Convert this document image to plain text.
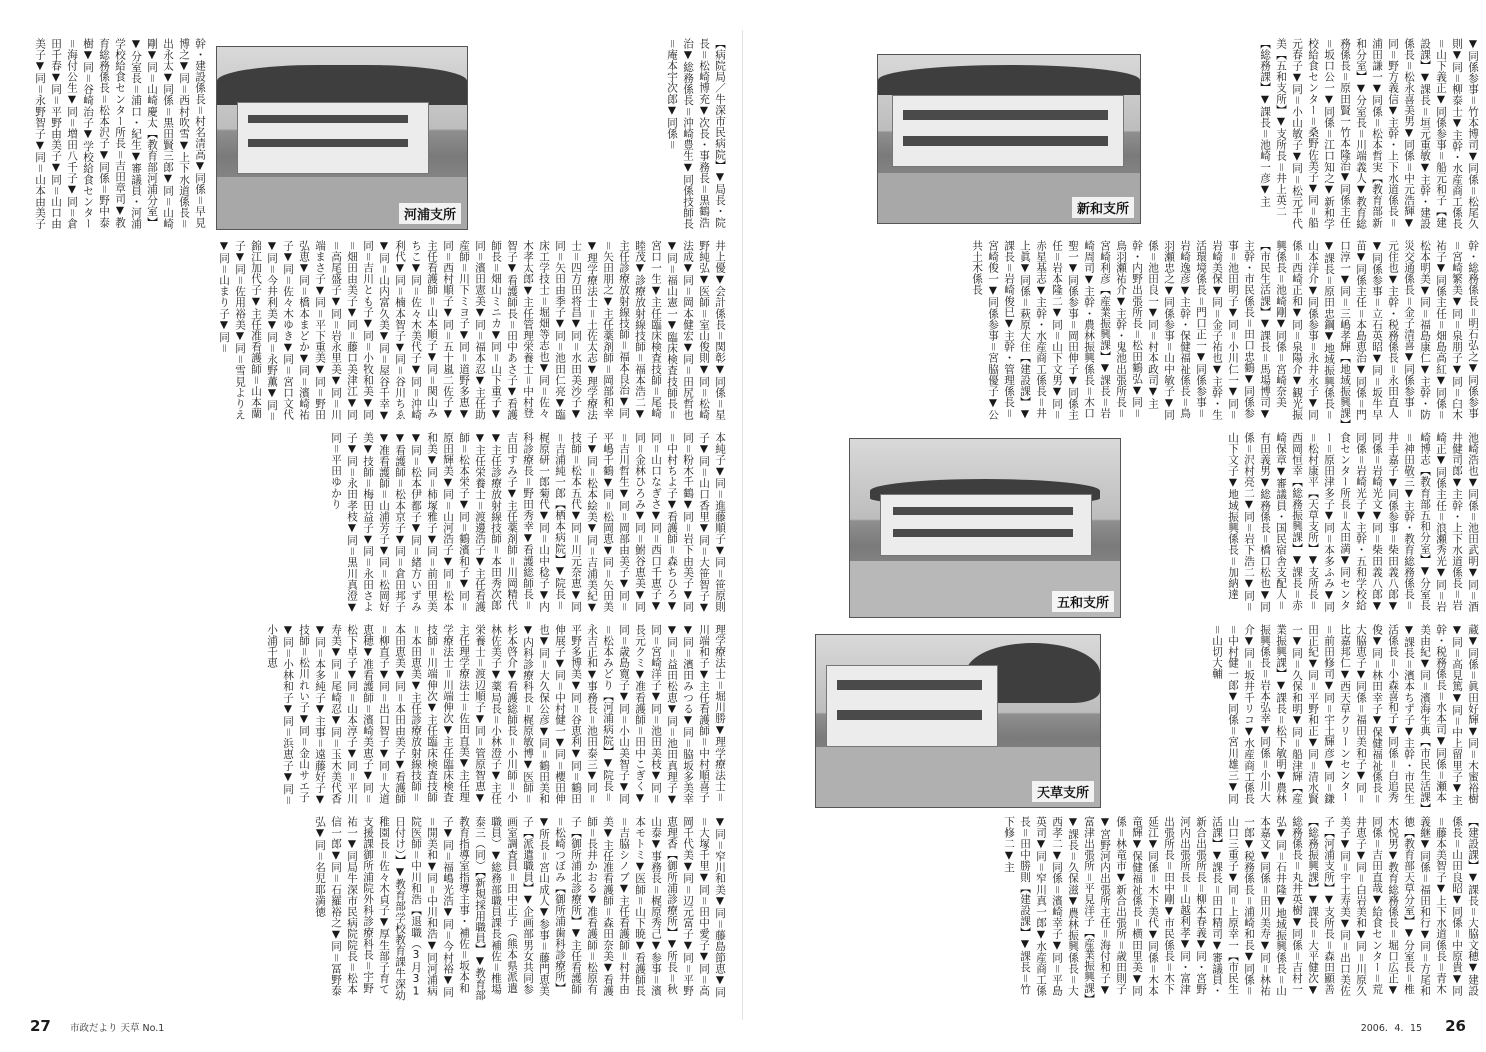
【病院局／牛深市民病院】▼局長・院長＝松崎博充▼次長・事務長＝黒鶴浩治▼総務係長＝沖崎豊生▼同係技師長＝庵本宇次郎▼同係＝
河浦支所
幹・建設係長＝村名清高▼同係＝早見博之▼同＝西村吹雪▼上下水道係長＝出永太▼同係＝黒田賢三郎▼同＝山崎剛▼同＝山崎慶太【教育部河浦分室】▼分室長＝浦口・紀生▼審議員・河浦学校給食センター所長＝吉田章司▼教育総務係長＝松本沢子▼同係＝野中泰樹▼同＝谷崎治子▼学校給食センター＝海付公生▼同＝増田八千子▼同＝倉田千春▼同＝平野由美子▼同＝山口由美子▼同＝永野智子▼同＝山本由美子
井上優▼会計係長＝関彰▼同係＝星野純弘▼医師＝室山俊則▼同＝松崎法成▼同＝岡本健宏▼同＝田尻哲也▼同＝福山憲一▼臨床検査技師長＝宮口一生▼主任臨床検査技師＝尾崎睦茂▼診療放射線技師＝福本浩二▼主任診療放射線技師＝福本良治▼同＝矢田朋之▼主任薬剤師＝岡部和幸▼理学療法士＝土佐太志▼理学療法士＝四方田将昌▼同＝水田美沙子▼同＝矢田由季子▼同＝池田仁亮▼臨床工学技士＝堀畑等志也▼同＝佐々木孝太郎▼主任管理栄養士＝中村登智子▼看護師長＝田中あさ子▼看護師長＝畑山ミニカ▼同＝山下重子▼同＝濱田憲美▼同＝福本忍▼主任助産師＝川下ミヨ子▼同＝道野多恵▼同＝西村順子▼同＝五十嵐二佐子▼主任看護師＝山本順子▼同＝関山みちこ▼同＝佐々木美代子▼同＝沖崎利代▼同＝楠本智子▼同＝谷川ちゑ▼同＝山内富久美▼同＝屋谷千幸▼同＝吉川とも子▼同＝小牧和美▼同＝畑田由美子▼同＝藤口美津江▼同＝高尾盛子▼同＝岩永里美▼同＝川端まさ子▼同＝平下重美▼同＝野田弘恵▼同＝橋本まどか▼同＝濱崎祐子▼同＝佐々木ゆき▼同＝宮口文代▼同＝今井利美▼同＝永野薫▼同＝錦江加代子▼主任准看護師＝山本蘭子▼同＝佐用裕美▼同＝雪見よりえ▼同＝山まり子▼同＝
本純子▼同＝進藤順子▼同＝笹原則子▼同＝山口香里▼同＝大笹智子▼同＝粉木千鶴▼同＝岩下由美子▼同＝中村ちよ子▼看護師＝森ちひろ▼同＝山口なぎさ▼同＝西口千恵子▼同＝金林ひろみ▼同＝鮒谷恵美▼同＝吉川哲生▼同＝岡部由美子▼同＝平嶋千鶴▼同＝松岡恵▼同＝矢田美子▼同＝松本絵美▼同＝吉浦美紀▼技師＝松本五代▼同＝川元奈恵▼同＝吉浦純一郎【栖本病院】▼院長＝梶原研一郎菊代▼同＝山中稔子▼内科診療長＝野田秀幸▼看護総師長＝吉田すみ子▼主任薬剤師＝川岡精代▼主任診療放射線技師＝本田秀次郎▼主任栄養士＝渡邊浩子▼主任看護師＝松本栄子▼同＝鶴濱和子▼同＝原田輝美▼同＝山河浩子▼同＝松本和美▼同＝柿塚雅子▼同＝前田里美▼同＝松本伊都子▼同＝緒方いずみ▼看護師＝松本京子▼同＝倉田邦子▼准看護師＝山浦芳子▼同＝松岡好美▼技師＝梅田益子▼同＝永田さよ子▼同＝永田孝枝▼同＝黒川真澄▼同＝平田ゆかり
理学療法士＝堀川勝▼理学療法士＝川端和子▼主任看護師＝中村順喜子▼同＝濱田みつる▼同＝脇坂多美幸▼同＝益田松恵▼同＝池田真理子▼同＝宮崎洋子▼同＝池田美枝▼同＝長元クミ▼准看護師＝田中こぎく▼同＝歳島寛子▼同＝小山美智子▼同＝松本みどり【河浦病院】▼院長＝永吉正和▼事務長＝池田泰三▼同＝平野多博美▼同＝谷恵利▼同＝鶴田伸展子▼同＝中村健一▼同＝櫻田伸也▼同＝大久保公彦▼同＝鶴田美和▼内科診療科長＝梶原敏博▼医師＝杉本啓介▼看護総師長＝小川師＝小林佐美子▼薬局長＝小林澄子▼主任栄養士＝渡辺順子▼同＝管原智恵▼主任理学療法士＝佐田直美▼主任理学療法士＝川端伸次▼主任臨床検査技師＝川端伸次▼主任臨床検査技師＝本田恵美▼主任診療放射線技師＝本田恵美▼同＝本田由美子▼看護師＝柳直子▼同＝出口智子▼同＝大道恵穂▼准看護師＝濱崎美恵子▼同＝松下卓子▼同＝山本淳子▼同＝平川寿美▼同＝尾崎忍▼同＝玉木美代香▼同＝本多純子▼主事＝遠藤好子▼技師＝松川れい子▼同＝金山サエ子▼同＝小林和子▼同＝浜恵子▼同＝小浦千恵
▼同＝窄川和美▼同＝藤島節恵▼同＝大塚千里▼同＝田中愛子▼同＝高岡千代美▼同＝辺元富子▼同＝平野恵理香【御所浦診療所】▼所長＝秋山泰▼事務長＝梶原秀己▼参事＝濱本モトミ▼医師＝山下暁▼看護師長＝吉脇シノブ▼主任看護師＝村井由美▼主任准看護師＝森田奈美▼看護師＝長井かおる▼准看護師＝松原有子【御所浦北診療所】▼主任看護師＝松崎つぼみ【御所浦歯科診療所】▼所長＝宮山成人▼参事＝藤門恵美子【派遣職員】▼企画部男女共同参画室調査員＝田中正子（熊本県派遣職員）▼総務部職員課長補佐＝椎場泰三（同）【新規採用職員】▼教育部教育指導室指導主事・補佐＝坂本和子▼同＝福嶋光浩▼同＝今村裕▼同＝開美和▼同＝中川和浩▼同河浦病院医師＝中川和浩【退職（3月31日付け）】▼教育部学校教育課牛深幼稚園長＝佐々木貞子▼厚生部子育て支援課御所浦院外科診療科長＝宇野祐一▼同局牛深市民病院院長＝松本信一郎▼同＝石羅裕之▼同＝冨野泰弘▼同＝名児耶満徳
27 市政だより 天草 No.1
▼同係参事＝竹本博司▼同係＝松尾久則▼同＝柳泰士▼主幹・水産商工係長＝山下義正▼同係参事＝船元和子【建設課】▼課長＝垣元重敏▼主幹・建設係長＝松永喜美男▼同係＝中元浩輝▼同＝野方義信▼主幹・上下水道係長＝浦田謙一▼同係＝松本哲実【教育部新和分室】▼分室長＝川端義人▼教育総務係長＝原田賢一竹本隆治▼同係主任＝坂口公一▼同係＝江口知之▼新和学校給食センター＝桑野佐美子▼同＝船元春子▼同＝小山敏子▼同＝松元千代美【五和支所】▼支所長＝井上英二【総務課】▼課長＝池崎一彦▼主
新和支所
幹・総務係長＝明石弘之▼同係参事＝宮崎繁美▼同＝泉朋子▼同＝臼木祐子▼同係主任＝畑島高紅▼同係＝松本明美▼同＝福島康仁▼主幹・防災交通係長＝金子清喜▼同係参事＝元住也▼主幹・税務係長＝永田直人▼同係参事＝立石英昭▼同＝坂牛早苗▼同係主任＝本島恵治▼同係＝門口淳一▼同＝三嶋孝輝【地域振興課】▼課長＝原田忠鋼▼地域振興係長＝山本洋介▼同係参事＝永井永子▼同係＝西崎正和▼同＝泉陽介▼観光振興係長＝池崎剛▼同係＝宮崎奈美【市民生活課】▼課長＝馬場博司▼主幹・市民係長＝田口忠鶴▼同係参事＝池田明子▼同＝小川仁一▼同＝岩崎美保▼同＝金子祐也▼主幹・生活環境係長＝門口正一▼同係参事＝岩崎逸彦▼主幹・保健福祉係長＝鳥羽瀬忠之▼同係参事＝山中敏子▼同係＝池田良一▼同＝村本政司▼主幹・内野出張所長＝松田鶴弘▼同＝鳥羽瀬祐介▼主幹・鬼池出張所長＝宮崎利彦【産業振興課】▼課長＝岩崎周司▼主幹・農林振興係長＝木口聖一▼同係参事＝岡田伸子▼同係主任＝岩本隆二▼同＝山下文男▼同＝赤星基志▼主幹・水産商工係長＝井上眞▼同係＝萩原大住【建設課】▼課長＝岩崎俊巳▼主幹・管理係長＝宮崎俊一▼同係参事＝宮脇優子▼公共土木係長
池崎浩也▼同係＝池田武明▼同＝酒井健司郎▼主幹・上下水道係長＝岩崎正▼同係主任＝浪瀬秀光▼同＝岩崎博志【教育部五和分室】▼分室長＝神田敬三▼主幹・教育総務係長＝井手嘉子▼同係参事＝柴田義八郎▼同係＝岩崎光文▼同＝柴田義八郎▼同係＝岩崎光子▼主幹・五和学校給食センター所長＝太田満▼同センター＝原田津多子▼同＝本多ふみ▼同＝松村康平【天草支所】▼支所長＝西岡恒幸【総務振興課】▼課長＝赤崎保章▼審議員・国民宿舎支配人＝有田義男▼総務係長＝橋口松也▼同係＝沢村亮二▼同＝岩下浩二▼同＝山下文子▼地域振興係長＝加納達
五和支所
蔵▼同係＝眞田好輝▼同＝木蜜裕樹▼同＝高見篤▼同＝中上留里子▼主幹・税務係長＝水本司▼同係＝瀬本美由紀▼同＝濱海生典【市民生活課】▼課長＝濱本ちず子▼主幹・市民生活係長＝小森喜和子▼同係＝白追秀俊▼同＝林田幸子▼保健福祉係長＝大脇恵子▼同係＝福田美和子▼同＝比嘉邦仁▼西天草クリーンセンター＝前田修司▼同＝宇土輝彦▼同＝鎌田正紀▼同＝平野和正▼同＝清水賢一▼同＝久保和明▼同＝船津輝【産業振興課】▼課長＝松下敏明▼農林振興係長＝岩本弘幸▼同係＝小川大介▼同＝坂井千リコ▼水産商工係長＝中村健一郎▼同係＝宮川雄三▼同＝山切大輔
天草支所
【建設課】▼課長＝大脇文穂▼建設係長＝山田良昭▼同係＝中原貴▼同＝藤本美智子▼上下水道係長＝青木義継▼同係＝福田和行▼同＝方尾和徳【教育部天草分室】▼分室長＝椎木悦男▼教育総務係長＝堀口広正▼同係＝吉田直哉▼給食センター＝荒井恵子▼同＝白岩美和▼同＝川原久美子▼同＝宇土寿美▼同＝出口美佐子【河浦支所】▼支所長＝森田顯善【総務振興課】▼課長＝大平健次▼総務係長＝丸井英樹▼同係＝吉村一弘▼同＝石井隆▼地域振興係長＝山本嘉文▼同係＝田川美寿▼同＝林祐一郎▼税務係長＝浦崎和長▼同係＝山口三重子▼同＝上原幸一【市民生活課】▼課長＝田口精司▼審議員・新合出張所長＝柳本春義▼同・宮野河内出張所長＝山越利孝▼同・富津出張所長＝田中剛▼市民係長＝木下延江▼同係＝木下美代▼同係＝木本竜輝▼保健福祉係長＝横田里美▼同係＝林竜市▼新合出張所＝歳田則子▼宮野河内出張所主任＝海付和子▼富津出張所＝平見洋子【産業振興課】▼課長＝久保滋▼農林振興係長＝大西孝二▼同係＝濱崎幸子▼同＝平島英司▼同＝窄川真一郎▼水産商工係長＝田中勝則【建設課】▼課長＝竹下修二▼主
2006．4．15 26
